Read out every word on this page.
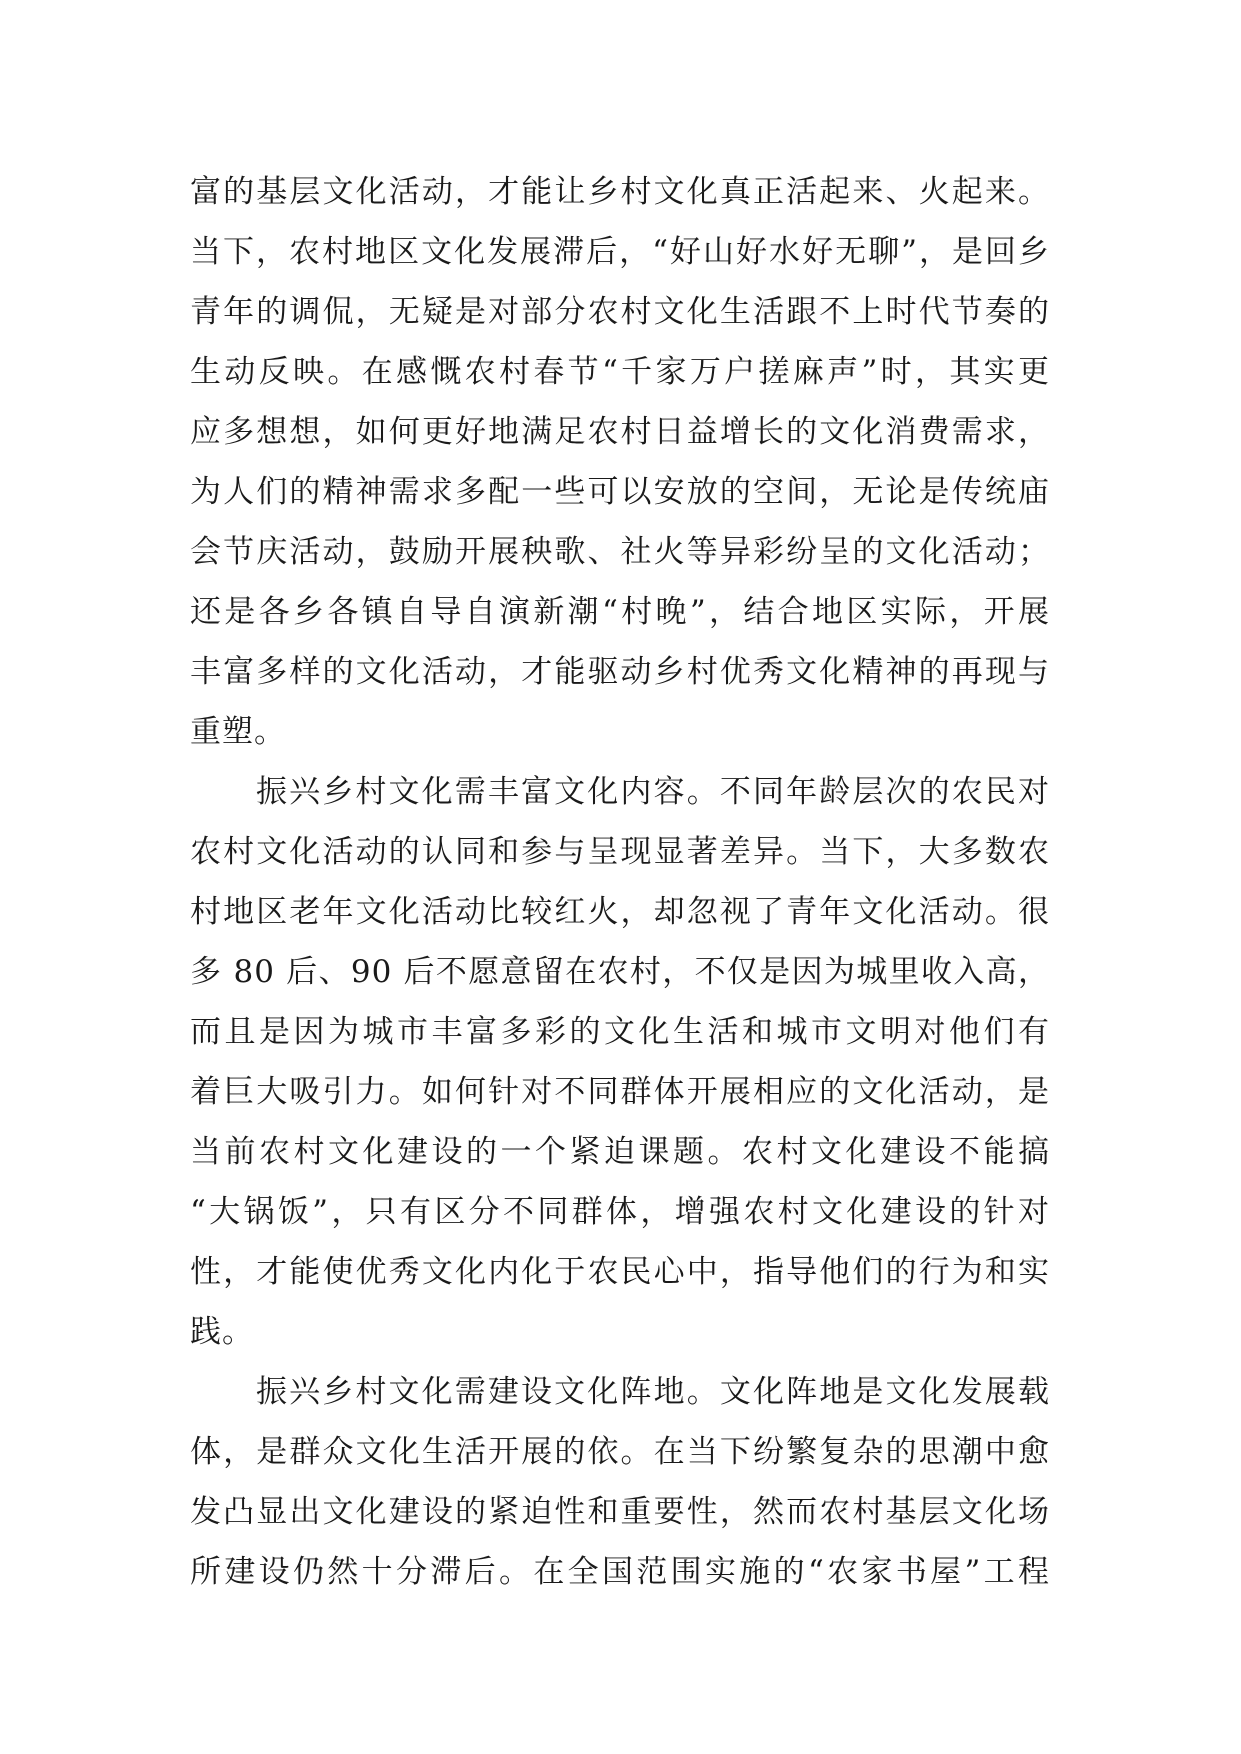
富的基层文化活动，才能让乡村文化真正活起来、火起来。
当下，农村地区文化发展滞后，“好山好水好无聊”，是回乡
青年的调侃，无疑是对部分农村文化生活跟不上时代节奏的
生动反映。在感慨农村春节“千家万户搓麻声”时，其实更
应多想想，如何更好地满足农村日益增长的文化消费需求，
为人们的精神需求多配一些可以安放的空间，无论是传统庙
会节庆活动，鼓励开展秧歌、社火等异彩纷呈的文化活动；
还是各乡各镇自导自演新潮“村晚”，结合地区实际，开展
丰富多样的文化活动，才能驱动乡村优秀文化精神的再现与
重塑。
振兴乡村文化需丰富文化内容。不同年龄层次的农民对
农村文化活动的认同和参与呈现显著差异。当下，大多数农
村地区老年文化活动比较红火，却忽视了青年文化活动。很
多 80 后、90 后不愿意留在农村，不仅是因为城里收入高，
而且是因为城市丰富多彩的文化生活和城市文明对他们有
着巨大吸引力。如何针对不同群体开展相应的文化活动，是
当前农村文化建设的一个紧迫课题。农村文化建设不能搞
“大锅饭”，只有区分不同群体，增强农村文化建设的针对
性，才能使优秀文化内化于农民心中，指导他们的行为和实
践。
振兴乡村文化需建设文化阵地。文化阵地是文化发展载
体，是群众文化生活开展的依。在当下纷繁复杂的思潮中愈
发凸显出文化建设的紧迫性和重要性，然而农村基层文化场
所建设仍然十分滞后。在全国范围实施的“农家书屋”工程
